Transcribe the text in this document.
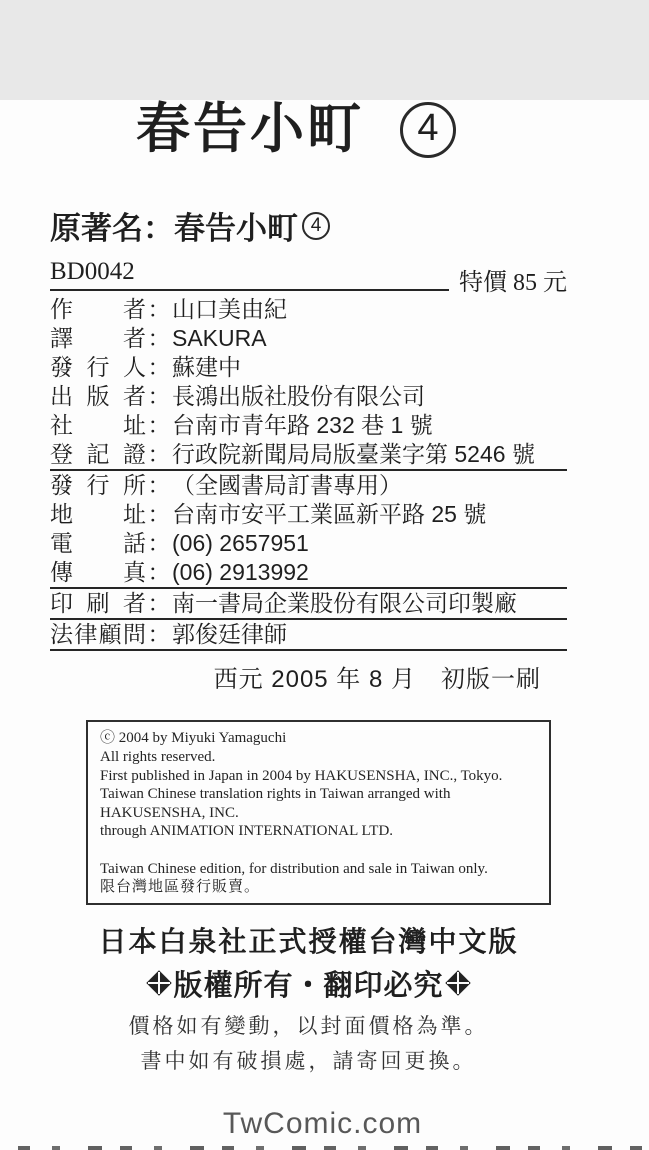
春告小町 4
原著名： 春告小町 4
BD0042	特價 85 元
作 者 ： 山口美由紀
譯 者 ： SAKURA
發 行 人 ： 蘇建中
出 版 者 ： 長鴻出版社股份有限公司
社 址 ： 台南市青年路 232 巷 1 號
登 記 證 ： 行政院新聞局局版臺業字第 5246 號
發 行 所 ： （全國書局訂書專用）
地 址 ： 台南市安平工業區新平路 25 號
電 話 ： (06) 2657951
傳 真 ： (06) 2913992
印 刷 者 ： 南一書局企業股份有限公司印製廠
法 律 顧 問 ： 郭俊廷律師
西元 2005 年 8 月　初版一刷

ⓒ 2004 by Miyuki Yamaguchi

All rights reserved.

First published in Japan in 2004 by HAKUSENSHA, INC., Tokyo.

Taiwan Chinese translation rights in Taiwan arranged with HAKUSENSHA, INC.

through ANIMATION INTERNATIONAL LTD.

Taiwan Chinese edition, for distribution and sale in Taiwan only.

限台灣地區發行販賣。

日本白泉社正式授權台灣中文版
版權所有・翻印必究
價格如有變動，以封面價格為準。
書中如有破損處，請寄回更換。
TwComic.com
